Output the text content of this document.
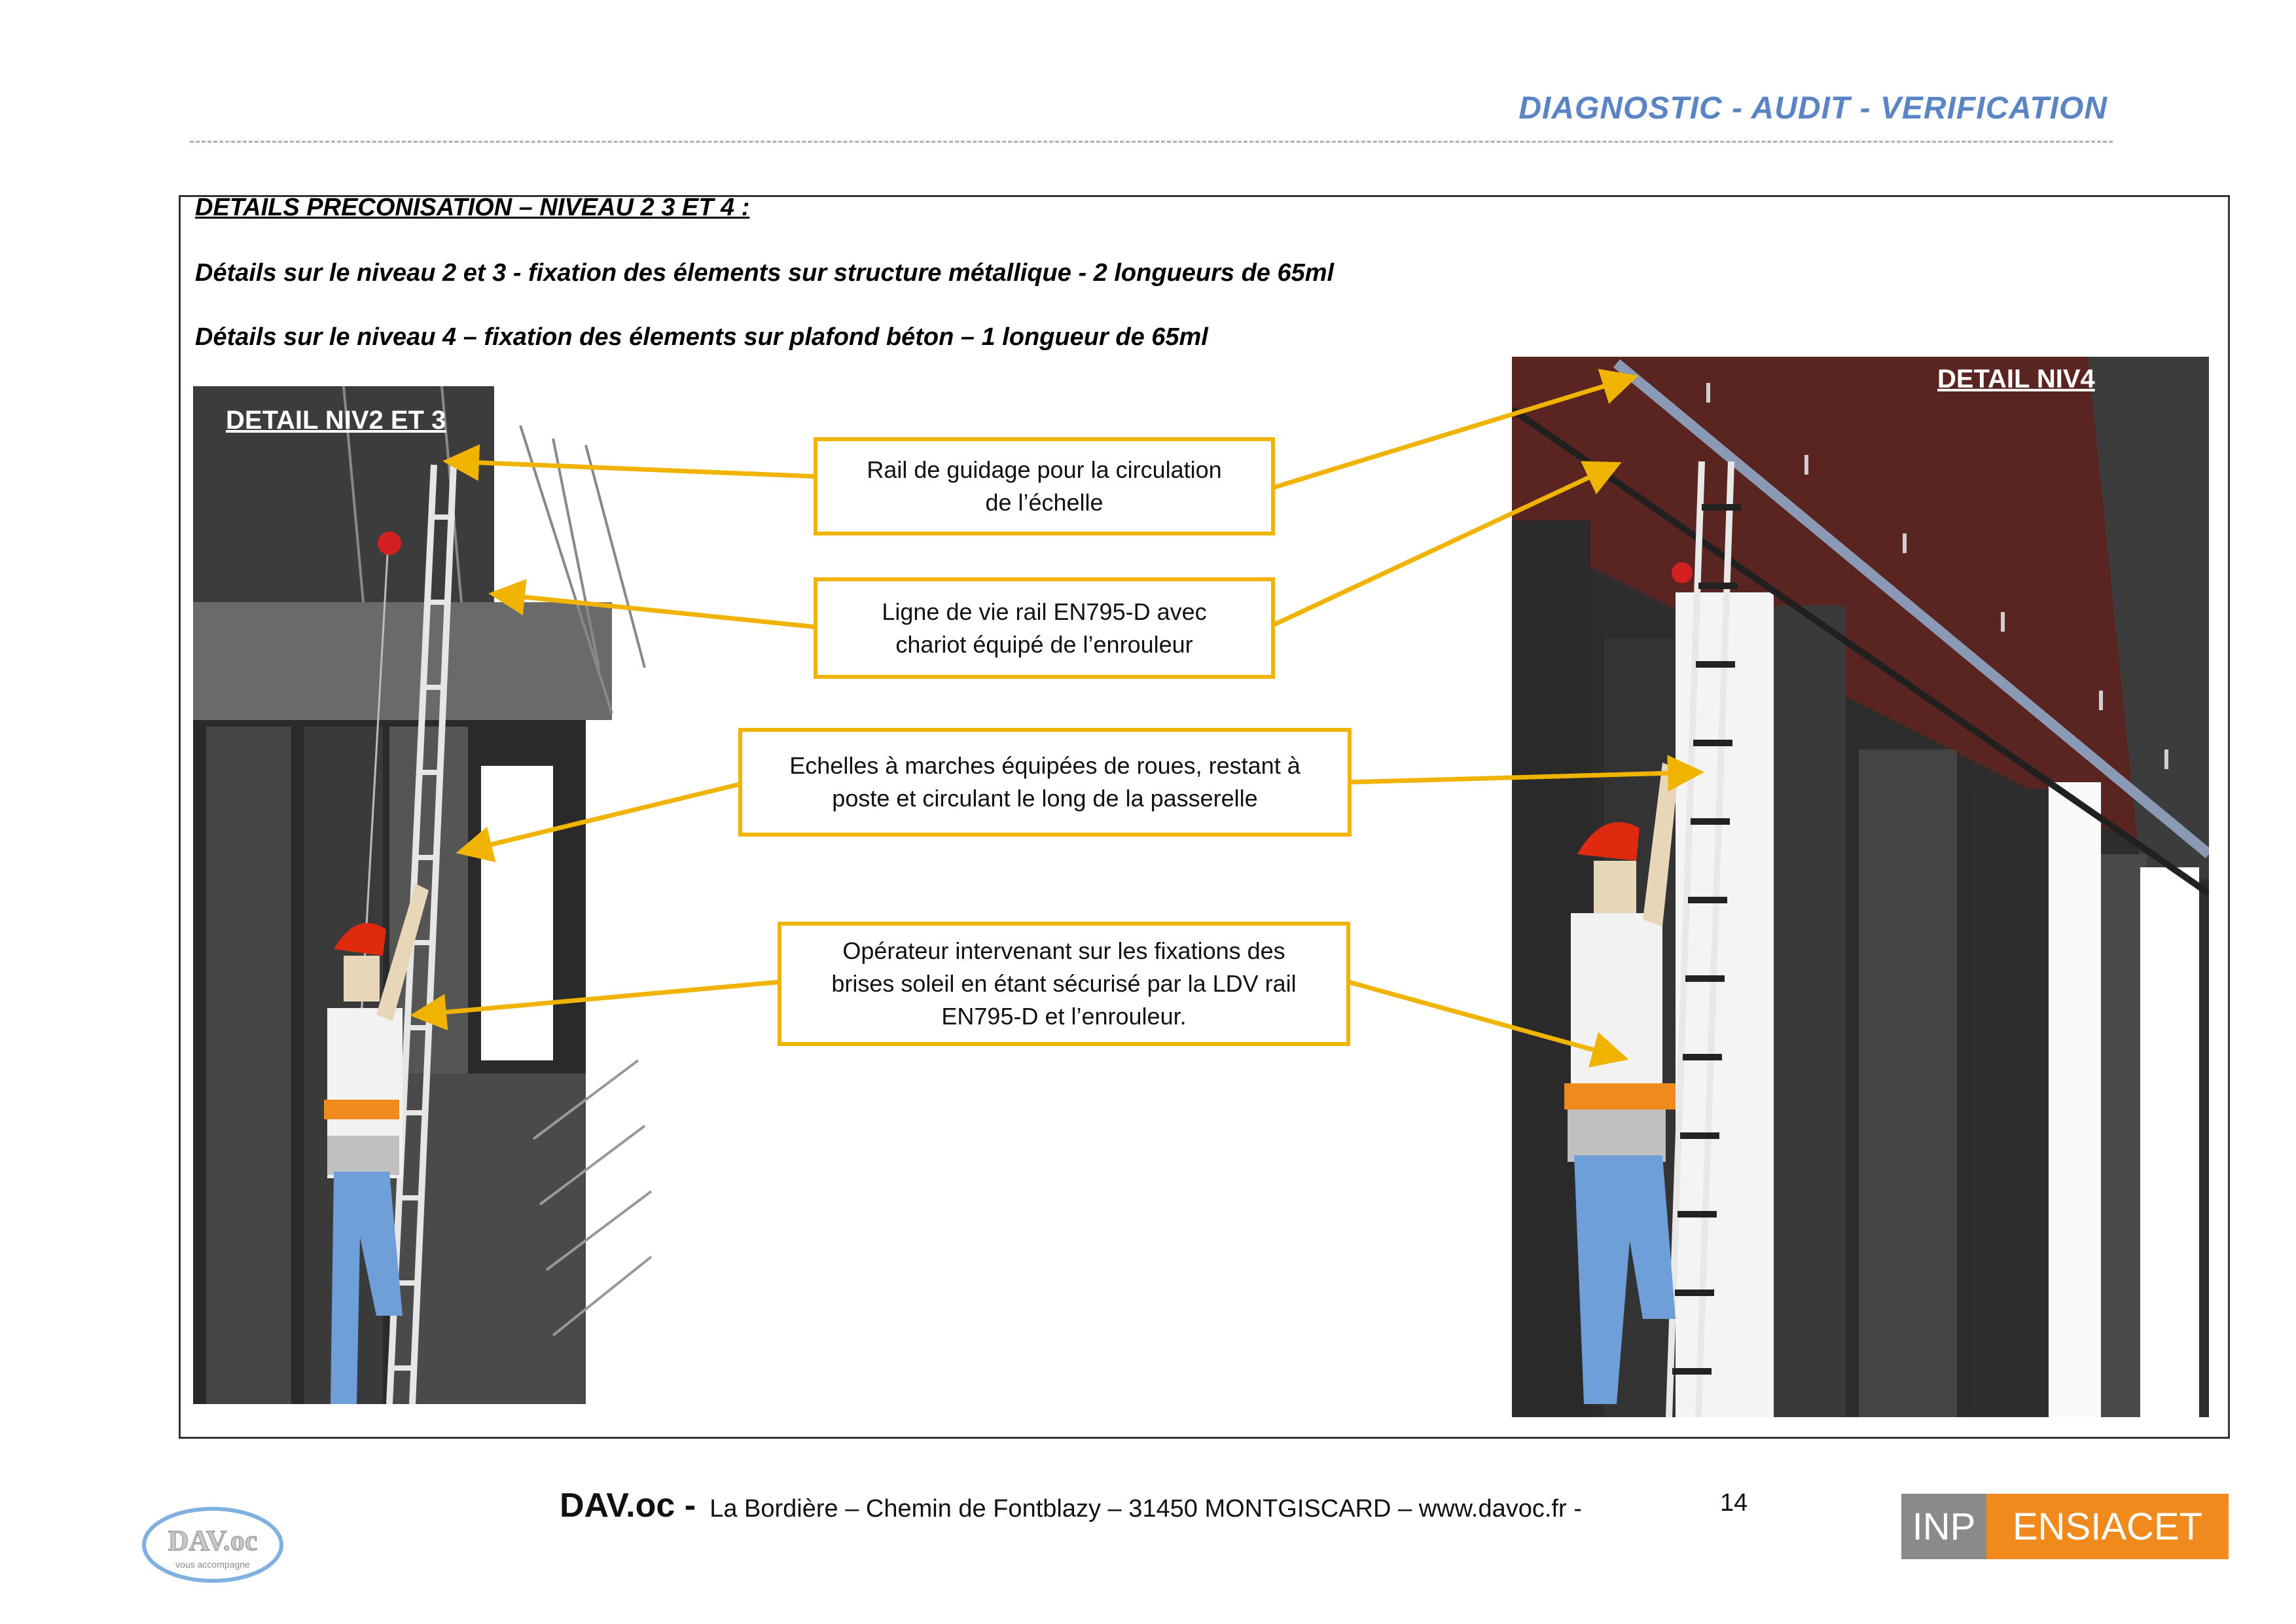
DIAGNOSTIC - AUDIT - VERIFICATION
DETAILS PRECONISATION – NIVEAU 2 3 ET 4 :
Détails sur le niveau 2 et 3 - fixation des élements sur structure métallique - 2 longueurs de 65ml
Détails sur le niveau 4 – fixation des élements sur plafond béton – 1 longueur de 65ml
DETAIL NIV2 ET 3
DETAIL NIV4
Rail de guidage pour la circulation
de l’échelle
Ligne de vie rail EN795-D avec
chariot équipé de l’enrouleur
Echelles à marches équipées de roues, restant à
poste et circulant le long de la passerelle
Opérateur intervenant sur les fixations des
brises soleil en étant sécurisé par la LDV rail
EN795-D et l’enrouleur.
DAV.oc - La Bordière – Chemin de Fontblazy – 31450 MONTGISCARD – www.davoc.fr -	14
DAV.oc
vous accompagne
INP ENSIACET
